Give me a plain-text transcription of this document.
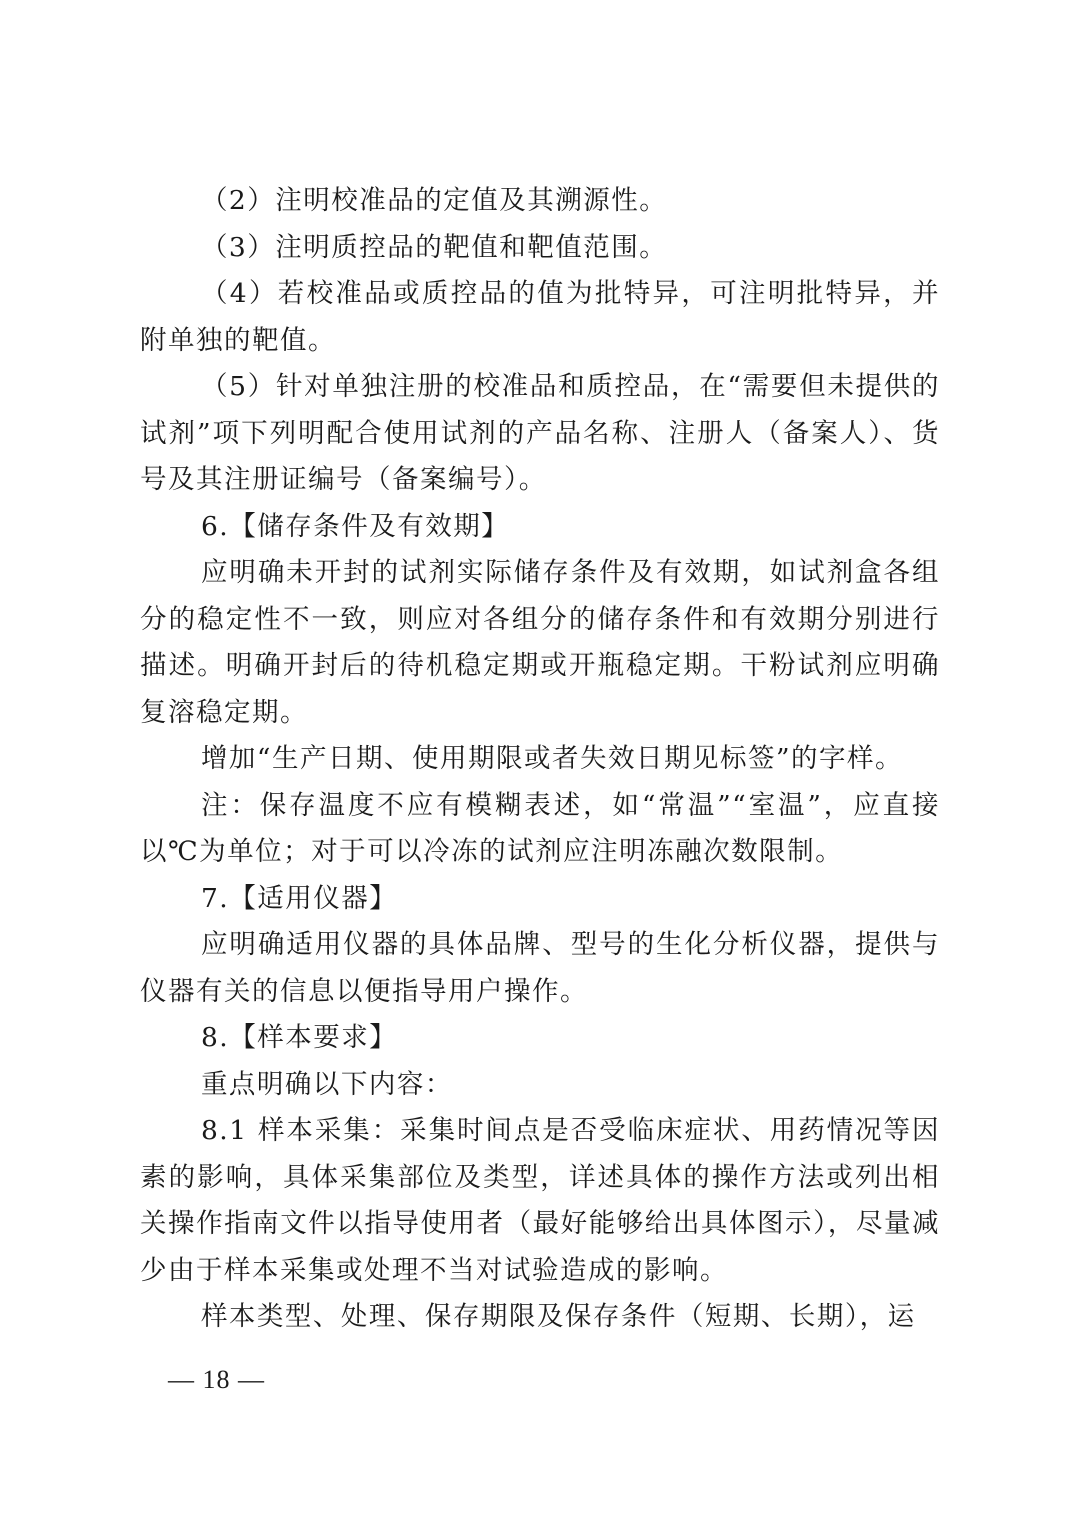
（2）注明校准品的定值及其溯源性。

（3）注明质控品的靶值和靶值范围。

（4）若校准品或质控品的值为批特异，可注明批特异，并附单独的靶值。

（5）针对单独注册的校准品和质控品，在“需要但未提供的试剂”项下列明配合使用试剂的产品名称、注册人（备案人）、货号及其注册证编号（备案编号）。

6.【储存条件及有效期】

应明确未开封的试剂实际储存条件及有效期，如试剂盒各组分的稳定性不一致，则应对各组分的储存条件和有效期分别进行描述。明确开封后的待机稳定期或开瓶稳定期。干粉试剂应明确复溶稳定期。

增加“生产日期、使用期限或者失效日期见标签”的字样。

注：保存温度不应有模糊表述，如“常温”“室温”，应直接以℃为单位；对于可以冷冻的试剂应注明冻融次数限制。

7.【适用仪器】

应明确适用仪器的具体品牌、型号的生化分析仪器，提供与仪器有关的信息以便指导用户操作。

8.【样本要求】

重点明确以下内容：

8.1 样本采集：采集时间点是否受临床症状、用药情况等因素的影响，具体采集部位及类型，详述具体的操作方法或列出相关操作指南文件以指导使用者（最好能够给出具体图示），尽量减少由于样本采集或处理不当对试验造成的影响。

样本类型、处理、保存期限及保存条件（短期、长期），运

— 18 —
